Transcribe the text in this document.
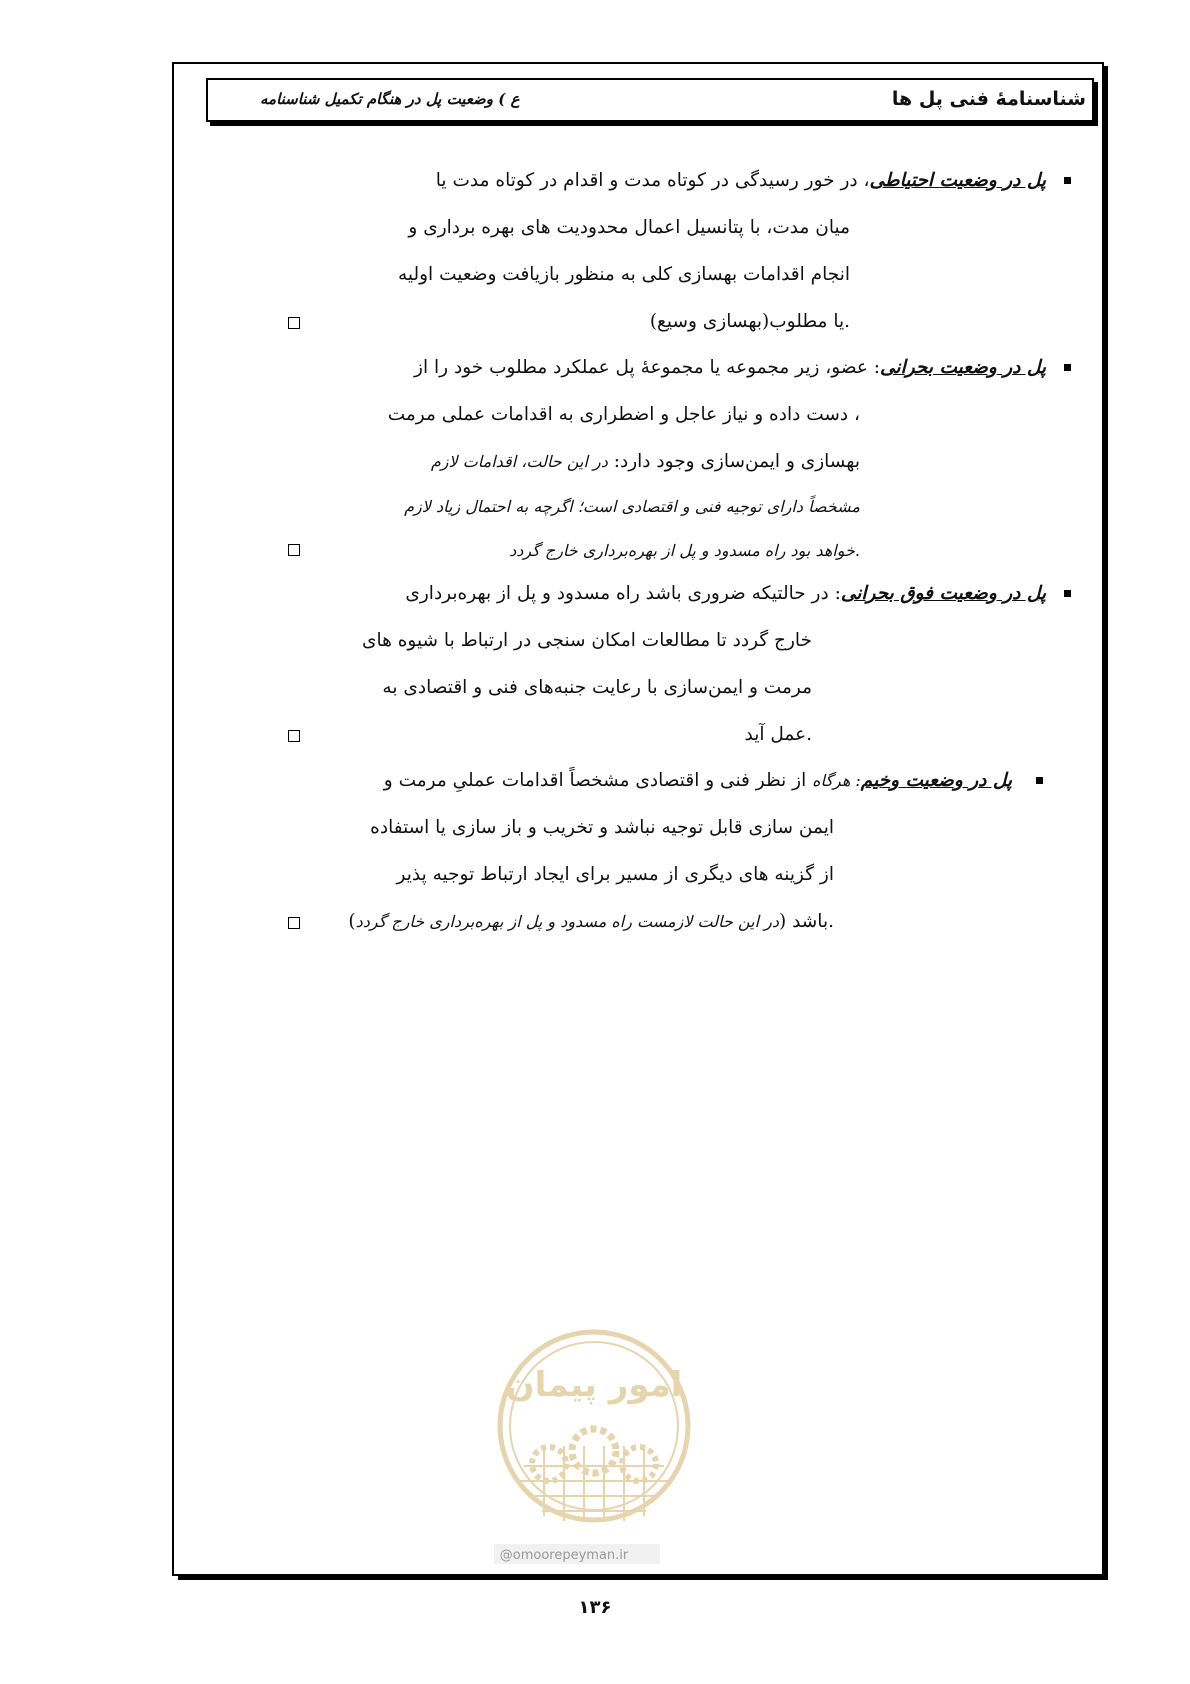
شناسنامهٔ فنی پل ها
ع ) وضعیت پل در هنگام تکمیل شناسنامه
پل در وضعیت احتیاطی، در خور رسیدگی در کوتاه مدت و اقدام در کوتاه مدت یا
میان مدت، با پتانسیل اعمال محدودیت های بهره برداری و
انجام اقدامات بهسازی کلی به منظور بازیافت وضعیت اولیه
یا مطلوب(بهسازی وسیع).
پل در وضعیت بحرانی: عضو، زیر مجموعه یا مجموعهٔ پل عملکرد مطلوب خود را از
دست داده و نیاز عاجل و اضطراری به اقدامات عملی مرمت ،
بهسازی و ایمن‌سازی وجود دارد: در این حالت، اقدامات لازم
مشخصاً دارای توجیه فنی و اقتصادی است؛ اگرچه به احتمال زیاد لازم
خواهد بود راه مسدود و پل از بهره‌برداری خارج گردد.
پل در وضعیت فوق بحرانی: در حالتیکه ضروری باشد راه مسدود و پل از بهره‌برداری
خارج گردد تا مطالعات امکان سنجی در ارتباط با شیوه های
مرمت و ایمن‌سازی با رعایت جنبه‌های فنی و اقتصادی به
عمل آید.
پل در وضعیت وخیم: هرگاه از نظر فنی و اقتصادی مشخصاً اقدامات عملیِ مرمت و
ایمن سازی قابل توجیه نباشد و تخریب و باز سازی یا استفاده
از گزینه های دیگری از مسیر برای ایجاد ارتباط توجیه پذیر
باشد (در این حالت لازمست راه مسدود و پل از بهره‌برداری خارج گردد).
امور پیمان
@omoorepeyman.ir
۱۳۶
